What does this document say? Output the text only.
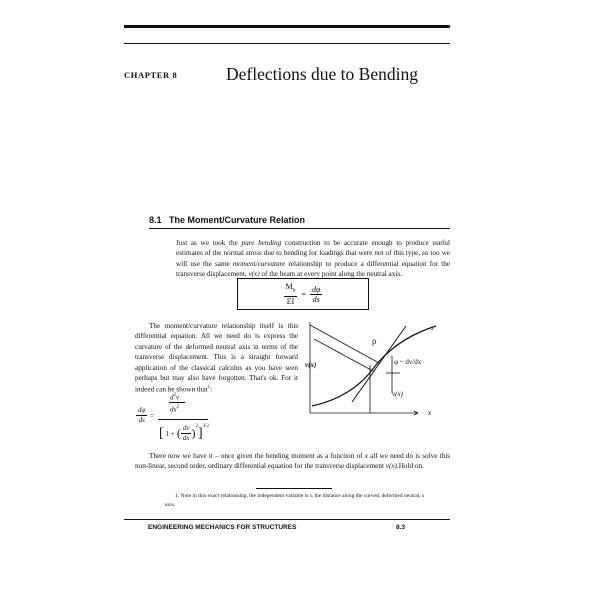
CHAPTER 8	Deflections due to Bending
8.1 The Moment/Curvature Relation
Just as we took the pure bending construction to be accurate enough to produce useful estimates of the normal stress due to bending for loadings that were not of this type, so too we will use the same moment/curvature relationship to produce a differential equation for the transverse displacement, v(x) of the beam at every point along the neutral axis.
$\frac{M_b}{EI} = \frac{d\varphi}{ds}$
The moment/curvature relationship itself is this differential equation. All we need do is express the curvature of the deformed neutral axis in terms of the transverse displacement. This is a straight forward application of the classical calculus as you have seen perhaps but may also have forgotten. That's ok. For it indeed can be shown that$^1$:
$\frac{d\varphi}{ds}$ =
$d^2v$
$dx^2$
[ 1 + ( $\frac{dv}{dx} )^2$ ]$^{3/2}$
ρ
φ ~ dv/dx
v(x)
v(x)
s
x
There now we have it – once given the bending moment as a function of x all we need do is solve this non-linear, second order, ordinary differential equation for the transverse displacement v(x).Hold on.
1. Note in this exact relationship, the independent variable is s, the distance along the curved, deformed neutral, s axis.
ENGINEERING MECHANICS FOR STRUCTURES	8.3
